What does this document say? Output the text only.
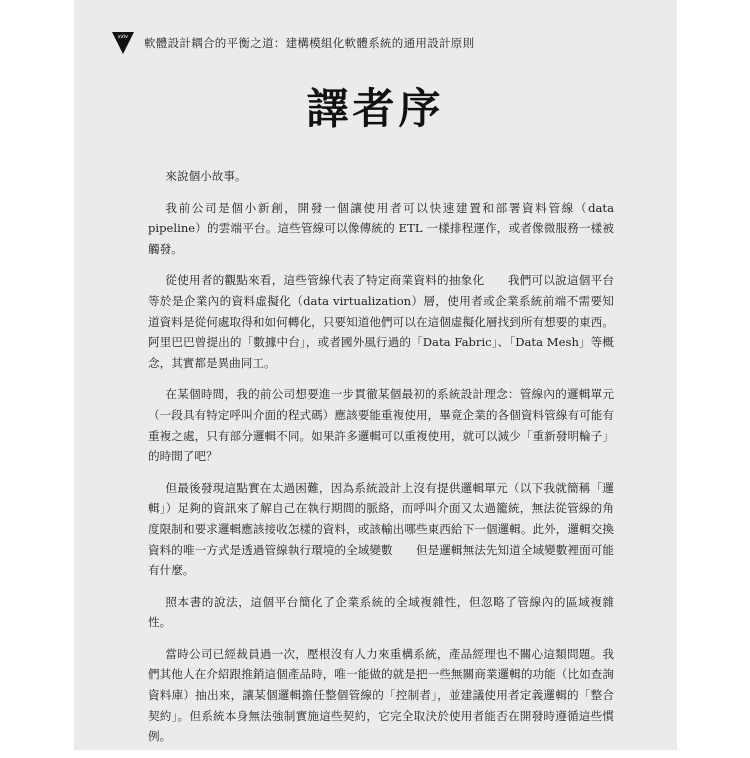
xxiv	軟體設計耦合的平衡之道：建構模組化軟體系統的通用設計原則
譯者序

來說個小故事。

我前公司是個小新創，開發一個讓使用者可以快速建置和部署資料管線（data pipeline）的雲端平台。這些管線可以像傳統的 ETL 一樣排程運作，或者像微服務一樣被觸發。

從使用者的觀點來看，這些管線代表了特定商業資料的抽象化　　我們可以說這個平台等於是企業內的資料虛擬化（data virtualization）層，使用者或企業系統前端不需要知道資料是從何處取得和如何轉化，只要知道他們可以在這個虛擬化層找到所有想要的東西。阿里巴巴曾提出的「數據中台」，或者國外風行過的「Data Fabric」、「Data Mesh」等概念，其實都是異曲同工。

在某個時間，我的前公司想要進一步貫徹某個最初的系統設計理念：管線內的邏輯單元（一段具有特定呼叫介面的程式碼）應該要能重複使用，畢竟企業的各個資料管線有可能有重複之處，只有部分邏輯不同。如果許多邏輯可以重複使用，就可以減少「重新發明輪子」的時間了吧？

但最後發現這點實在太過困難，因為系統設計上沒有提供邏輯單元（以下我就簡稱「邏輯」）足夠的資訊來了解自己在執行期間的脈絡，而呼叫介面又太過籠統，無法從管線的角度限制和要求邏輯應該接收怎樣的資料，或該輸出哪些東西給下一個邏輯。此外，邏輯交換資料的唯一方式是透過管線執行環境的全域變數　　但是邏輯無法先知道全域變數裡面可能有什麼。

照本書的說法，這個平台簡化了企業系統的全域複雜性，但忽略了管線內的區域複雜性。

當時公司已經裁員過一次，壓根沒有人力來重構系統，產品經理也不關心這類問題。我們其他人在介紹跟推銷這個產品時，唯一能做的就是把一些無關商業邏輯的功能（比如查詢資料庫）抽出來，讓某個邏輯擔任整個管線的「控制者」，並建議使用者定義邏輯的「整合契約」。但系統本身無法強制實施這些契約，它完全取決於使用者能否在開發時遵循這些慣例。
